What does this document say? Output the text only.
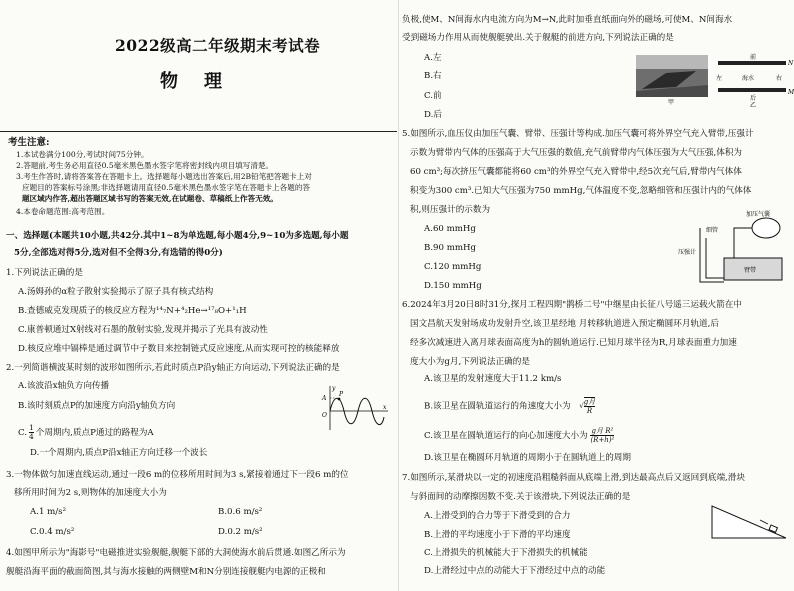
2022级高二年级期末考试卷
物理
考生注意:
1.本试卷满分100分,考试时间75分钟。
2.答题前,考生务必用直径0.5毫米黑色墨水签字笔将密封线内项目填写清楚。
3.考生作答时,请将答案答在答题卡上。选择题每小题选出答案后,用2B铅笔把答题卡上对
应题目的答案标号涂黑;非选择题请用直径0.5毫米黑色墨水签字笔在答题卡上各题的答
题区域内作答,超出答题区域书写的答案无效,在试题卷、草稿纸上作答无效。
4.本卷命题范围:高考范围。
一、选择题(本题共10小题,共42分.其中1~8为单选题,每小题4分,9~10为多选题,每小题
5分,全部选对得5分,选对但不全得3分,有选错的得0分)
1.下列说法正确的是
A.汤姆孙的α粒子散射实验揭示了原子具有核式结构
B.查德威克发现质子的核反应方程为¹⁴₇N+⁴₂He→¹⁷₈O+¹₁H
C.康普顿通过X射线对石墨的散射实验,发现并揭示了光具有波动性
D.核反应堆中镉棒是通过调节中子数目来控制链式反应速度,从而实现可控的核能释放
2.一列简谐横波某时刻的波形如图所示,若此时质点P沿y轴正方向运动,下列说法正确的是
A.该波沿x轴负方向传播
B.该时刻质点P的加速度方向沿y轴负方向
C. $\frac{1}{4}$ 个周期内,质点P通过的路程为A
D.一个周期内,质点P沿x轴正方向迁移一个波长
y
A
O
P
x
3.一物体做匀加速直线运动,通过一段6 m的位移所用时间为3 s,紧接着通过下一段6 m的位
移所用时间为2 s,则物体的加速度大小为
A.1 m/s²	B.0.6 m/s²
C.0.4 m/s²	D.0.2 m/s²
4.如图甲所示为"海影号"电磁推进实验舰艇,舰艇下部的大洞使海水前后贯通.如图乙所示为
舰艇沿海平面的截面简图,其与海水接触的两侧壁M和N分别连接舰艇内电源的正极和
负极,使M、N间海水内电流方向为M→N,此时加垂直纸面向外的磁场,可使M、N间海水
受到磁场力作用从而使舰艇驶出.关于舰艇的前进方向,下列说法正确的是
A.左
B.右
C.前
D.后
甲
前
N
左	海水	右
M
后
乙
5.如图所示,血压仪由加压气囊、臂带、压强计等构成.加压气囊可将外界空气充入臂带,压强计
示数为臂带内气体的压强高于大气压强的数值,充气前臂带内气体压强为大气压强,体积为
60 cm³;每次挤压气囊都能将60 cm³的外界空气充入臂带中,经5次充气后,臂带内气体体
积变为300 cm³.已知大气压强为750 mmHg,气体温度不变,忽略细管和压强计内的气体体
积,则压强计的示数为
A.60 mmHg
B.90 mmHg
C.120 mmHg
D.150 mmHg
加压气囊
细管
臂带
压强计
6.2024年3月20日8时31分,探月工程四期"鹊桥二号"中继星由长征八号遥三运载火箭在中
国文昌航天发射场成功发射升空,该卫星经地 月转移轨道进入预定椭圆环月轨道,后
经多次减速进入离月球表面高度为h的圆轨道运行.已知月球半径为R,月球表面重力加速
度大小为g月,下列说法正确的是
A.该卫星的发射速度大于11.2 km/s
B.该卫星在圆轨道运行的角速度大小为 √ g月
R
C.该卫星在圆轨道运行的向心加速度大小为 g月 R²
(R+h)²
D.该卫星在椭圆环月轨道的周期小于在圆轨道上的周期
7.如图所示,某滑块以一定的初速度沿粗糙斜面从底端上滑,到达最高点后又返回到底端,滑块
与斜面间的动摩擦因数不变.关于该滑块,下列说法正确的是
A.上滑受到的合力等于下滑受到的合力
B.上滑的平均速度小于下滑的平均速度
C.上滑损失的机械能大于下滑损失的机械能
D.上滑经过中点的动能大于下滑经过中点的动能
